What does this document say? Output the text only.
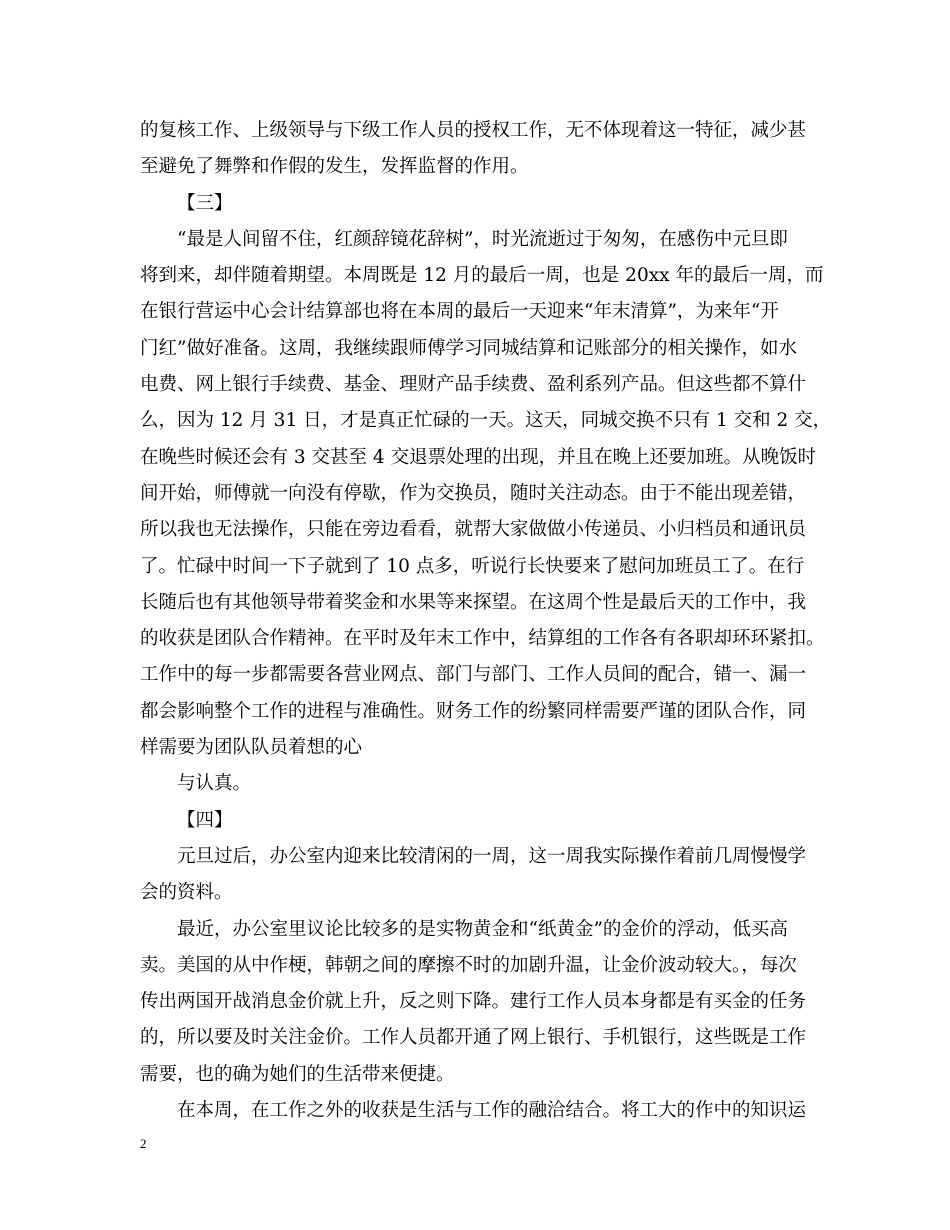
的复核工作、上级领导与下级工作人员的授权工作，无不体现着这一特征，减少甚
至避免了舞弊和作假的发生，发挥监督的作用。
【三】
“最是人间留不住，红颜辞镜花辞树”，时光流逝过于匆匆，在感伤中元旦即
将到来，却伴随着期望。本周既是 12 月的最后一周，也是 20xx 年的最后一周，而
在银行营运中心会计结算部也将在本周的最后一天迎来“年末清算”，为来年“开
门红”做好准备。这周，我继续跟师傅学习同城结算和记账部分的相关操作，如水
电费、网上银行手续费、基金、理财产品手续费、盈利系列产品。但这些都不算什
么，因为 12 月 31 日，才是真正忙碌的一天。这天，同城交换不只有 1 交和 2 交，
在晚些时候还会有 3 交甚至 4 交退票处理的出现，并且在晚上还要加班。从晚饭时
间开始，师傅就一向没有停歇，作为交换员，随时关注动态。由于不能出现差错，
所以我也无法操作，只能在旁边看看，就帮大家做做小传递员、小归档员和通讯员
了。忙碌中时间一下子就到了 10 点多，听说行长快要来了慰问加班员工了。在行
长随后也有其他领导带着奖金和水果等来探望。在这周个性是最后天的工作中，我
的收获是团队合作精神。在平时及年末工作中，结算组的工作各有各职却环环紧扣。
工作中的每一步都需要各营业网点、部门与部门、工作人员间的配合，错一、漏一
都会影响整个工作的进程与准确性。财务工作的纷繁同样需要严谨的团队合作，同
样需要为团队队员着想的心
与认真。
【四】
元旦过后，办公室内迎来比较清闲的一周，这一周我实际操作着前几周慢慢学
会的资料。
最近，办公室里议论比较多的是实物黄金和“纸黄金”的金价的浮动，低买高
卖。美国的从中作梗，韩朝之间的摩擦不时的加剧升温，让金价波动较大。，每次
传出两国开战消息金价就上升，反之则下降。建行工作人员本身都是有买金的任务
的，所以要及时关注金价。工作人员都开通了网上银行、手机银行，这些既是工作
需要，也的确为她们的生活带来便捷。
在本周，在工作之外的收获是生活与工作的融洽结合。将工大的作中的知识运
2
